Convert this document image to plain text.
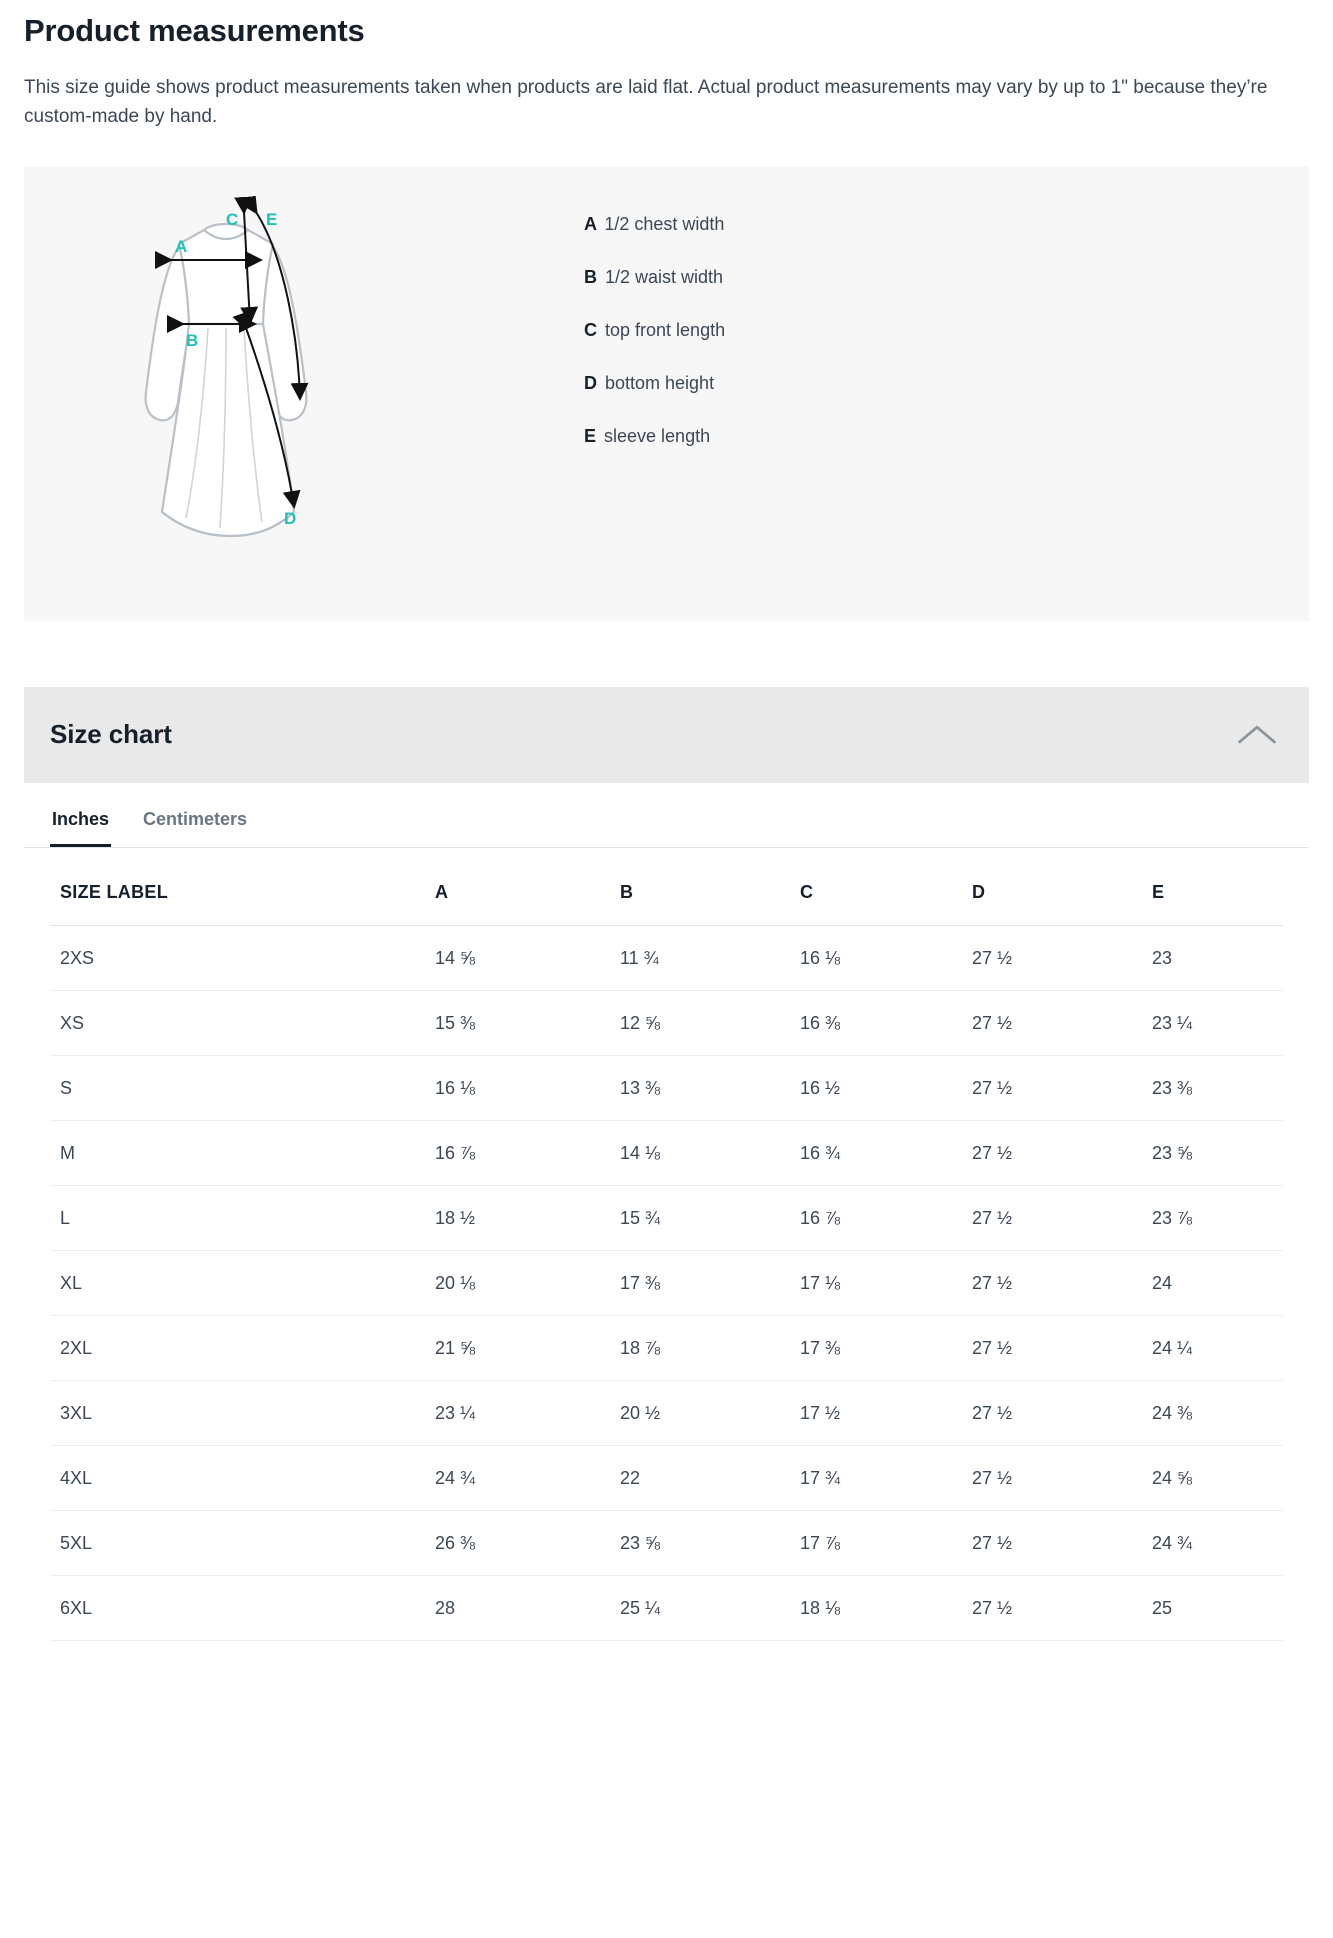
Product measurements

This size guide shows product measurements taken when products are laid flat. Actual product measurements may vary by up to 1" because they’re custom-made by hand.

A
B
C E
D
A 1/2 chest width
B 1/2 waist width
C top front length
D bottom height
E sleeve length
Size chart
Inches Centimeters
SIZE LABEL	A	B	C	D	E
2XS	14 ⅝	11 ¾	16 ⅛	27 ½	23
XS	15 ⅜	12 ⅝	16 ⅜	27 ½	23 ¼
S	16 ⅛	13 ⅜	16 ½	27 ½	23 ⅜
M	16 ⅞	14 ⅛	16 ¾	27 ½	23 ⅝
L	18 ½	15 ¾	16 ⅞	27 ½	23 ⅞
XL	20 ⅛	17 ⅜	17 ⅛	27 ½	24
2XL	21 ⅝	18 ⅞	17 ⅜	27 ½	24 ¼
3XL	23 ¼	20 ½	17 ½	27 ½	24 ⅜
4XL	24 ¾	22	17 ¾	27 ½	24 ⅝
5XL	26 ⅜	23 ⅝	17 ⅞	27 ½	24 ¾
6XL	28	25 ¼	18 ⅛	27 ½	25
